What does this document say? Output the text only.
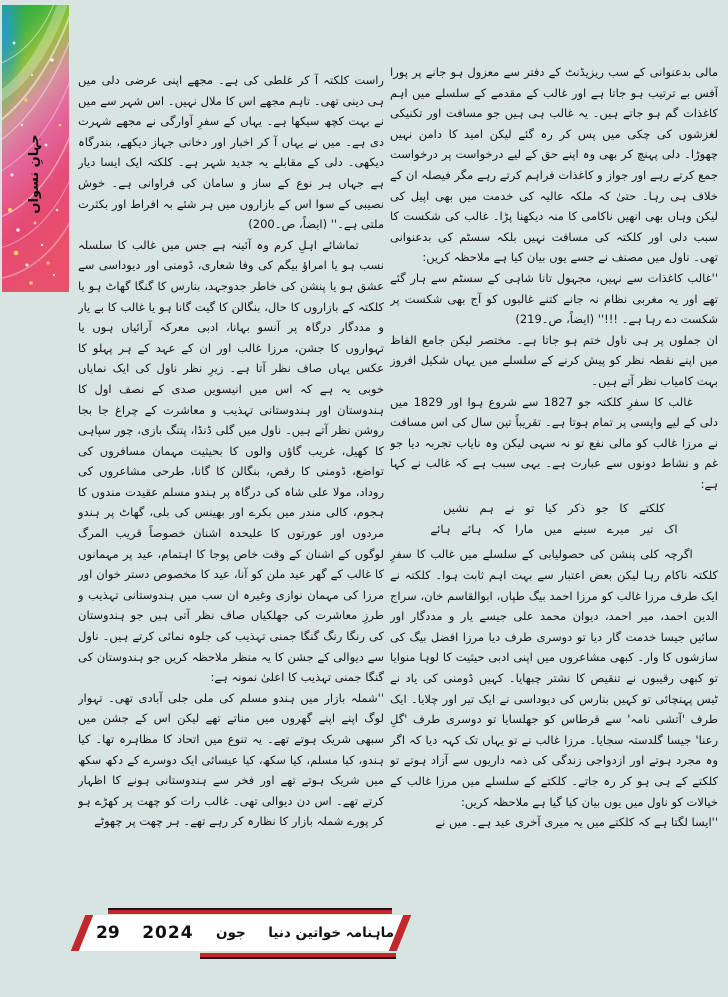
جہانِ نسواں

مالی بدعنوانی کے سب ریزیڈنٹ کے دفتر سے معزول ہو جانے پر پورا آفس بے ترتیب ہو جاتا ہے اور غالب کے مقدمے کے سلسلے میں اہم کاغذات گم ہو جاتے ہیں۔ یہ غالب ہی ہیں جو مسافت اور تکنیکی لغزشوں کی چکی میں پس کر رہ گئے لیکن امید کا دامن نہیں چھوڑا۔ دلی پہنچ کر بھی وہ اپنے حق کے لیے درخواست پر درخواست جمع کرتے رہے اور جواز و کاغذات فراہم کرتے رہے مگر فیصلہ ان کے خلاف ہی رہا۔ حتیٰ کہ ملکہ عالیہ کی خدمت میں بھی اپیل کی لیکن وہاں بھی انھیں ناکامی کا منہ دیکھنا پڑا۔ غالب کی شکست کا سبب دلی اور کلکتہ کی مسافت نہیں بلکہ سسٹم کی بدعنوانی تھی۔ ناول میں مصنف نے جسے یوں بیان کیا ہے ملاحظہ کریں:

''غالب کاغذات سے نہیں، مجہول تانا شاہی کے سسٹم سے ہار گئے تھے اور یہ مغربی نظام نہ جانے کتنے غالبوں کو آج بھی شکست پر شکست دے رہا ہے۔ !!!'' (ایضاً، ص۔219)

ان جملوں پر ہی ناول ختم ہو جاتا ہے۔ مختصر لیکن جامع الفاظ میں اپنے نقطہ نظر کو پیش کرنے کے سلسلے میں یہاں شکیل افروز بہت کامیاب نظر آتے ہیں۔

غالب کا سفرِ کلکتہ جو 1827 سے شروع ہوا اور 1829 میں دلی کے لیے واپسی پر تمام ہوتا ہے۔ تقریباً تین سال کی اس مسافت نے مرزا غالب کو مالی نفع تو نہ سہی لیکن وہ نایاب تجربہ دیا جو غم و نشاط دونوں سے عبارت ہے۔ یہی سبب ہے کہ غالب نے کہا ہے:

کلکتے کا جو ذکر کیا تو نے ہم نشیں
اک تیر میرے سینے میں مارا کہ ہائے ہائے

اگرچہ کلی پنشن کی حصولیابی کے سلسلے میں غالب کا سفرِ کلکتہ ناکام رہا لیکن بعض اعتبار سے بہت اہم ثابت ہوا۔ کلکتہ نے ایک طرف مرزا غالب کو مرزا احمد بیگ طپاں، ابوالقاسم خان، سراج الدین احمد، میر احمد، دیوان محمد علی جیسے یار و مددگار اور سائیں جیسا خدمت گار دیا تو دوسری طرف دیا مرزا افضل بیگ کی سازشوں کا وار۔ کبھی مشاعروں میں اپنی ادبی حیثیت کا لوہا منوایا تو کبھی رقیبوں نے تنقیص کا نشتر چبھایا۔ کہیں ڈومنی کی یاد نے ٹیس پہنچائی تو کہیں بنارس کی دیوداسی نے ایک تیر اور چلایا۔ ایک طرف 'آتشی نامہ' سے قرطاس کو جھلسایا تو دوسری طرف 'گلِ رعنا' جیسا گلدستہ سجایا۔ مرزا غالب نے تو یہاں تک کہہ دیا کہ اگر وہ مجرد ہوتے اور ازدواجی زندگی کی ذمہ داریوں سے آزاد ہوتے تو کلکتے کے ہی ہو کر رہ جاتے۔ کلکتے کے سلسلے میں مرزا غالب کے خیالات کو ناول میں یوں بیان کیا گیا ہے ملاحظہ کریں:

''ایسا لگتا ہے کہ کلکتے میں یہ میری آخری عید ہے۔ میں نے

راست کلکتہ آ کر غلطی کی ہے۔ مجھے اپنی عرضی دلی میں ہی دینی تھی۔ تاہم مجھے اس کا ملال نہیں۔ اس شہر سے میں نے بہت کچھ سیکھا ہے۔ یہاں کے سفرِ آوارگی نے مجھے شہرت دی ہے۔ میں نے یہاں آ کر اخبار اور دخانی جہاز دیکھے، بندرگاہ دیکھی۔ دلی کے مقابلے یہ جدید شہر ہے۔ کلکتہ ایک ایسا دیار ہے جہاں ہر نوع کے ساز و سامان کی فراوانی ہے۔ خوش نصیبی کے سوا اس کے بازاروں میں ہر شئے بہ افراط اور بکثرت ملتی ہے۔'' (ایضاً، ص۔200)

تماشائے اہلِ کرم وہ آئینہ ہے جس میں غالب کا سلسلہ نسب ہو یا امراؤ بیگم کی وفا شعاری، ڈومنی اور دیوداسی سے عشق ہو یا پنشن کی خاطر جدوجہد، بنارس کا گنگا گھاٹ ہو یا کلکتہ کے بازاروں کا حال، بنگالن کا گیت گانا ہو یا غالب کا بے یار و مددگار درگاہ پر آنسو بہانا، ادبی معرکہ آرائیاں ہوں یا تہواروں کا جشن، مرزا غالب اور ان کے عہد کے ہر پہلو کا عکس یہاں صاف نظر آتا ہے۔ زیرِ نظر ناول کی ایک نمایاں خوبی یہ ہے کہ اس میں انیسویں صدی کے نصف اول کا ہندوستان اور ہندوستانی تہذیب و معاشرت کے چراغ جا بجا روشن نظر آتے ہیں۔ ناول میں گلی ڈنڈا، پتنگ بازی، چور سپاہی کا کھیل، غریب گاؤں والوں کا بحیثیت مہمان مسافروں کی تواضع، ڈومنی کا رقص، بنگالن کا گانا، طرحی مشاعروں کی روداد، مولا علی شاہ کی درگاہ پر ہندو مسلم عقیدت مندوں کا ہجوم، کالی مندر میں بکرے اور بھینس کی بلی، گھاٹ پر ہندو مردوں اور عورتوں کا علیحدہ اشنان خصوصاً قریب المرگ لوگوں کے اشنان کے وقت خاص پوجا کا اہتمام، عید پر مہمانوں کا غالب کے گھر عید ملن کو آنا، عید کا مخصوص دستر خوان اور مرزا کی مہمان نوازی وغیرہ ان سب میں ہندوستانی تہذیب و طرزِ معاشرت کی جھلکیاں صاف نظر آتی ہیں جو ہندوستان کی رنگا رنگ گنگا جمنی تہذیب کی جلوہ نمائی کرتے ہیں۔ ناول سے دیوالی کے جشن کا یہ منظر ملاحظہ کریں جو ہندوستان کی گنگا جمنی تہذیب کا اعلیٰ نمونہ ہے:

''شملہ بازار میں ہندو مسلم کی ملی جلی آبادی تھی۔ تہوار لوگ اپنے اپنے گھروں میں مناتے تھے لیکن اس کے جشن میں سبھی شریک ہوتے تھے۔ یہ تنوع میں اتحاد کا مظاہرہ تھا۔ کیا ہندو، کیا مسلم، کیا سکھ، کیا عیسائی ایک دوسرے کے دکھ سکھ میں شریک ہوتے تھے اور فخر سے ہندوستانی ہونے کا اظہار کرتے تھے۔ اس دن دیوالی تھی۔ غالب رات کو چھت پر کھڑے ہو کر پورے شملہ بازار کا نظارہ کر رہے تھے۔ ہر چھت پر چھوٹے

ماہنامہ خواتین دنیا
جون
2024
29
